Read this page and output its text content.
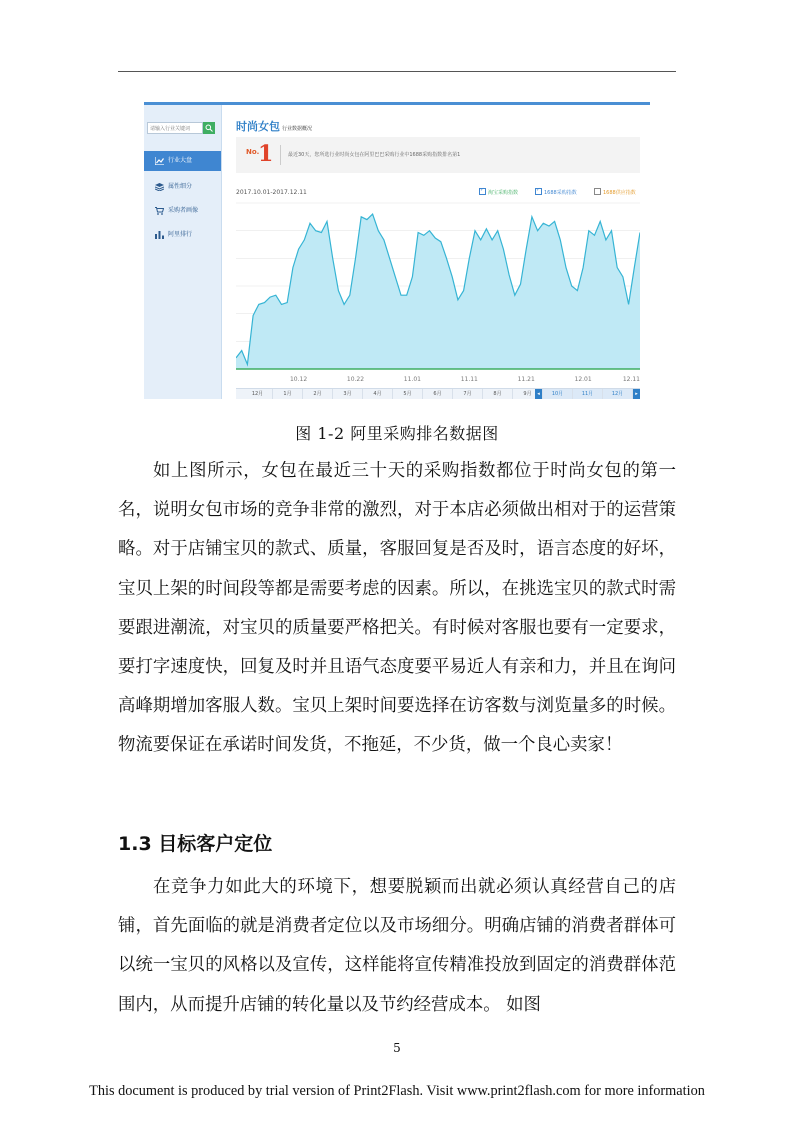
请输入行业关键词
行业大盘
属性细分
采购者画像
阿里排行
时尚女包 行业数据概况
No.
1	最近30天，您所选行业时尚女包在阿里巴巴采购行业中1688采购指数排名第1
2017.10.01-2017.12.11 ✓	淘宝采购指数 ✓	1688采购指数	1688供应指数
10.12	10.22	11.01	11.11	11.21	12.01	12.11
12月	1月	2月	3月	4月	5月	6月	7月	8月	9月	10月	11月	12月
◂	▸
图 1-2 阿里采购排名数据图
如上图所示，女包在最近三十天的采购指数都位于时尚女包的第一名，说明女包市场的竞争非常的激烈，对于本店必须做出相对于的运营策略。对于店铺宝贝的款式、质量，客服回复是否及时，语言态度的好坏，宝贝上架的时间段等都是需要考虑的因素。所以，在挑选宝贝的款式时需要跟进潮流，对宝贝的质量要严格把关。有时候对客服也要有一定要求，要打字速度快，回复及时并且语气态度要平易近人有亲和力，并且在询问高峰期增加客服人数。宝贝上架时间要选择在访客数与浏览量多的时候。物流要保证在承诺时间发货，不拖延，不少货，做一个良心卖家！
1.3 目标客户定位
在竞争力如此大的环境下，想要脱颖而出就必须认真经营自己的店铺，首先面临的就是消费者定位以及市场细分。明确店铺的消费者群体可以统一宝贝的风格以及宣传，这样能将宣传精准投放到固定的消费群体范围内，从而提升店铺的转化量以及节约经营成本。 如图
5
This document is produced by trial version of Print2Flash. Visit www.print2flash.com for more information
